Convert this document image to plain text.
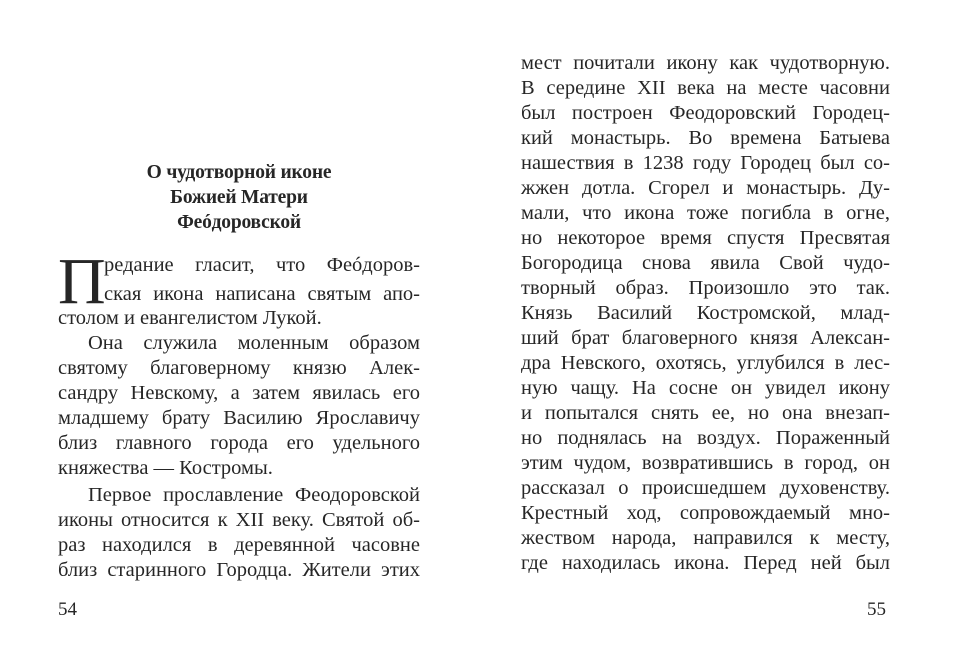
О чудотворной иконе
Божией Матери
Феóдоровской
П
редание гласит, что Феóдоров-
ская икона написана святым апо-
столом и евангелистом Лукой.
Она служила моленным образом
святому благоверному князю Алек-
сандру Невскому, а затем явилась его
младшему брату Василию Ярославичу
близ главного города его удельного
княжества — Костромы.
Первое прославление Феодоровской
иконы относится к XII веку. Святой об-
раз находился в деревянной часовне
близ старинного Городца. Жители этих
54
мест почитали икону как чудотворную.
В середине XII века на месте часовни
был построен Феодоровский Городец-
кий монастырь. Во времена Батыева
нашествия в 1238 году Городец был со-
жжен дотла. Сгорел и монастырь. Ду-
мали, что икона тоже погибла в огне,
но некоторое время спустя Пресвятая
Богородица снова явила Свой чудо-
творный образ. Произошло это так.
Князь Василий Костромской, млад-
ший брат благоверного князя Алексан-
дра Невского, охотясь, углубился в лес-
ную чащу. На сосне он увидел икону
и попытался снять ее, но она внезап-
но поднялась на воздух. Пораженный
этим чудом, возвратившись в город, он
рассказал о происшедшем духовенству.
Крестный ход, сопровождаемый мно-
жеством народа, направился к месту,
где находилась икона. Перед ней был
55
